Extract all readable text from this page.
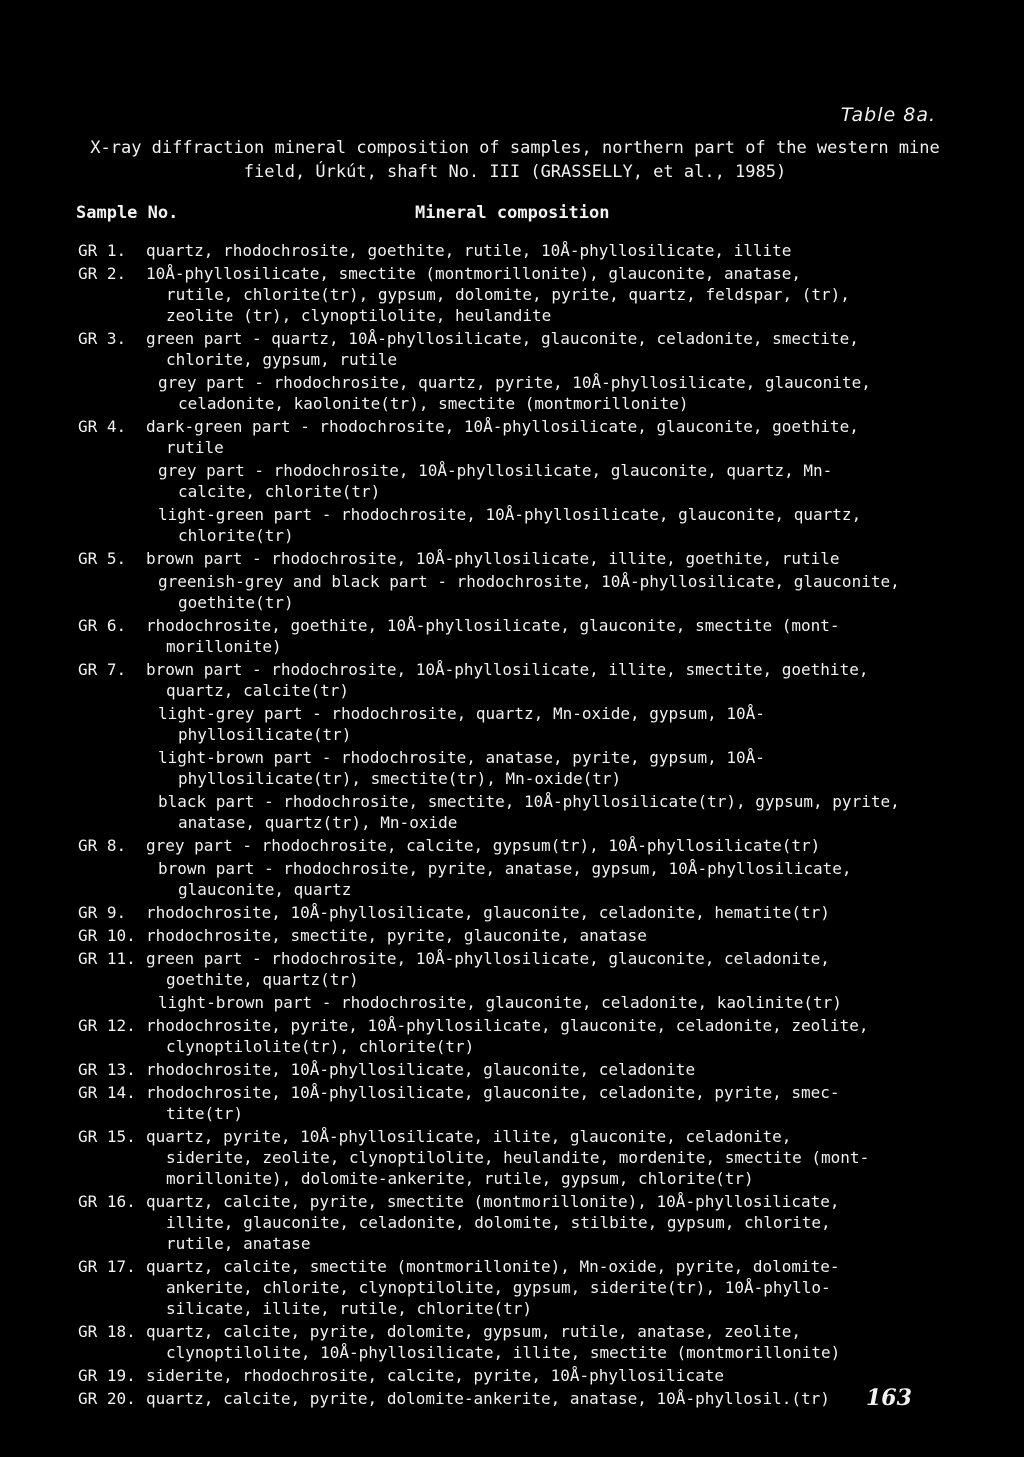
Table 8a.
X-ray diffraction mineral composition of samples, northern part of the western mine
field, Úrkút, shaft No. III (GRASSELLY, et al., 1985)
Sample No.	Mineral composition
GR 1. quartz, rhodochrosite, goethite, rutile, 10Å-phyllosilicate, illite
GR 2. 10Å-phyllosilicate, smectite (montmorillonite), glauconite, anatase,
rutile, chlorite(tr), gypsum, dolomite, pyrite, quartz, feldspar, (tr),
zeolite (tr), clynoptilolite, heulandite
GR 3. green part - quartz, 10Å-phyllosilicate, glauconite, celadonite, smectite,
chlorite, gypsum, rutile
grey part - rhodochrosite, quartz, pyrite, 10Å-phyllosilicate, glauconite,
celadonite, kaolonite(tr), smectite (montmorillonite)
GR 4. dark-green part - rhodochrosite, 10Å-phyllosilicate, glauconite, goethite,
rutile
grey part - rhodochrosite, 10Å-phyllosilicate, glauconite, quartz, Mn-
calcite, chlorite(tr)
light-green part - rhodochrosite, 10Å-phyllosilicate, glauconite, quartz,
chlorite(tr)
GR 5. brown part - rhodochrosite, 10Å-phyllosilicate, illite, goethite, rutile
greenish-grey and black part - rhodochrosite, 10Å-phyllosilicate, glauconite,
goethite(tr)
GR 6. rhodochrosite, goethite, 10Å-phyllosilicate, glauconite, smectite (mont-
morillonite)
GR 7. brown part - rhodochrosite, 10Å-phyllosilicate, illite, smectite, goethite,
quartz, calcite(tr)
light-grey part - rhodochrosite, quartz, Mn-oxide, gypsum, 10Å-
phyllosilicate(tr)
light-brown part - rhodochrosite, anatase, pyrite, gypsum, 10Å-
phyllosilicate(tr), smectite(tr), Mn-oxide(tr)
black part - rhodochrosite, smectite, 10Å-phyllosilicate(tr), gypsum, pyrite,
anatase, quartz(tr), Mn-oxide
GR 8. grey part - rhodochrosite, calcite, gypsum(tr), 10Å-phyllosilicate(tr)
brown part - rhodochrosite, pyrite, anatase, gypsum, 10Å-phyllosilicate,
glauconite, quartz
GR 9. rhodochrosite, 10Å-phyllosilicate, glauconite, celadonite, hematite(tr)
GR 10. rhodochrosite, smectite, pyrite, glauconite, anatase
GR 11. green part - rhodochrosite, 10Å-phyllosilicate, glauconite, celadonite,
goethite, quartz(tr)
light-brown part - rhodochrosite, glauconite, celadonite, kaolinite(tr)
GR 12. rhodochrosite, pyrite, 10Å-phyllosilicate, glauconite, celadonite, zeolite,
clynoptilolite(tr), chlorite(tr)
GR 13. rhodochrosite, 10Å-phyllosilicate, glauconite, celadonite
GR 14. rhodochrosite, 10Å-phyllosilicate, glauconite, celadonite, pyrite, smec-
tite(tr)
GR 15. quartz, pyrite, 10Å-phyllosilicate, illite, glauconite, celadonite,
siderite, zeolite, clynoptilolite, heulandite, mordenite, smectite (mont-
morillonite), dolomite-ankerite, rutile, gypsum, chlorite(tr)
GR 16. quartz, calcite, pyrite, smectite (montmorillonite), 10Å-phyllosilicate,
illite, glauconite, celadonite, dolomite, stilbite, gypsum, chlorite,
rutile, anatase
GR 17. quartz, calcite, smectite (montmorillonite), Mn-oxide, pyrite, dolomite-
ankerite, chlorite, clynoptilolite, gypsum, siderite(tr), 10Å-phyllo-
silicate, illite, rutile, chlorite(tr)
GR 18. quartz, calcite, pyrite, dolomite, gypsum, rutile, anatase, zeolite,
clynoptilolite, 10Å-phyllosilicate, illite, smectite (montmorillonite)
GR 19. siderite, rhodochrosite, calcite, pyrite, 10Å-phyllosilicate
GR 20. quartz, calcite, pyrite, dolomite-ankerite, anatase, 10Å-phyllosil.(tr)	163
